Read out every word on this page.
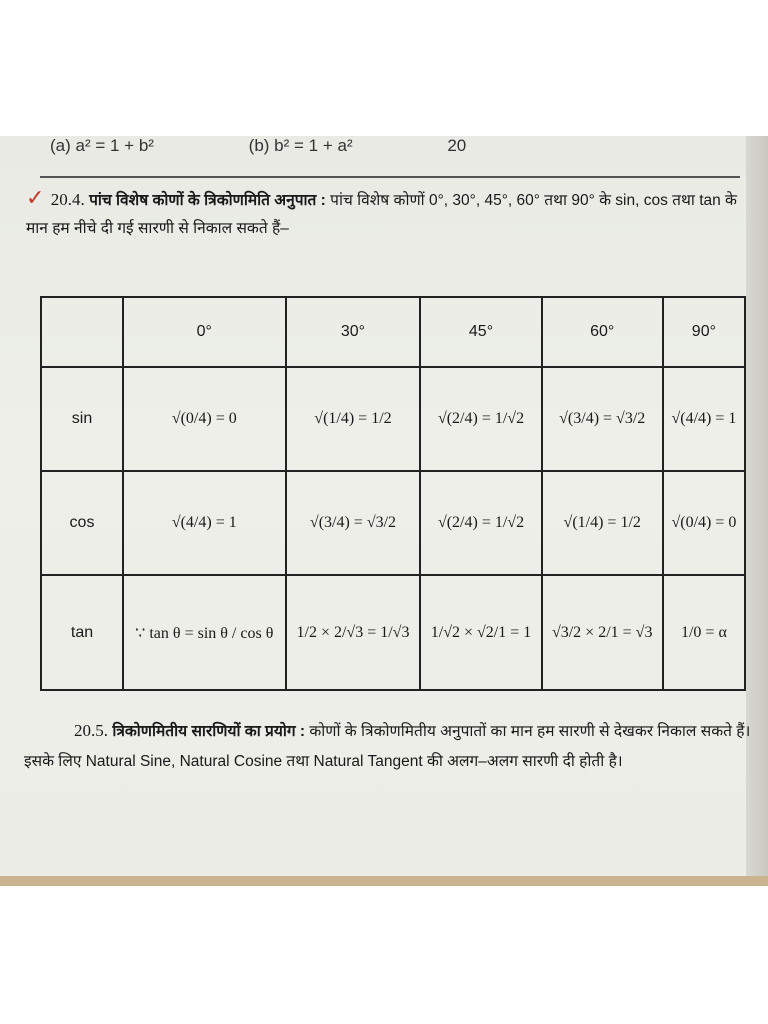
(a) a² = 1 + b²	(b) b² = 1 + a²	20
✓ 20.4. पांच विशेष कोणों के त्रिकोणमिति अनुपात : पांच विशेष कोणों 0°, 30°, 45°, 60° तथा 90° के sin, cos तथा tan के मान हम नीचे दी गई सारणी से निकाल सकते हैं–
	0°	30°	45°	60°	90°
sin	√(0/4) = 0	√(1/4) = 1/2	√(2/4) = 1/√2	√(3/4) = √3/2	√(4/4) = 1
cos	√(4/4) = 1	√(3/4) = √3/2	√(2/4) = 1/√2	√(1/4) = 1/2	√(0/4) = 0
tan	∵ tan θ = sin θ / cos θ	1/2 × 2/√3 = 1/√3	1/√2 × √2/1 = 1	√3/2 × 2/1 = √3	1/0 = α
20.5. त्रिकोणमितीय सारणियों का प्रयोग : कोणों के त्रिकोणमितीय अनुपातों का मान हम सारणी से देखकर निकाल सकते हैं। इसके लिए Natural Sine, Natural Cosine तथा Natural Tangent की अलग–अलग सारणी दी होती है।
